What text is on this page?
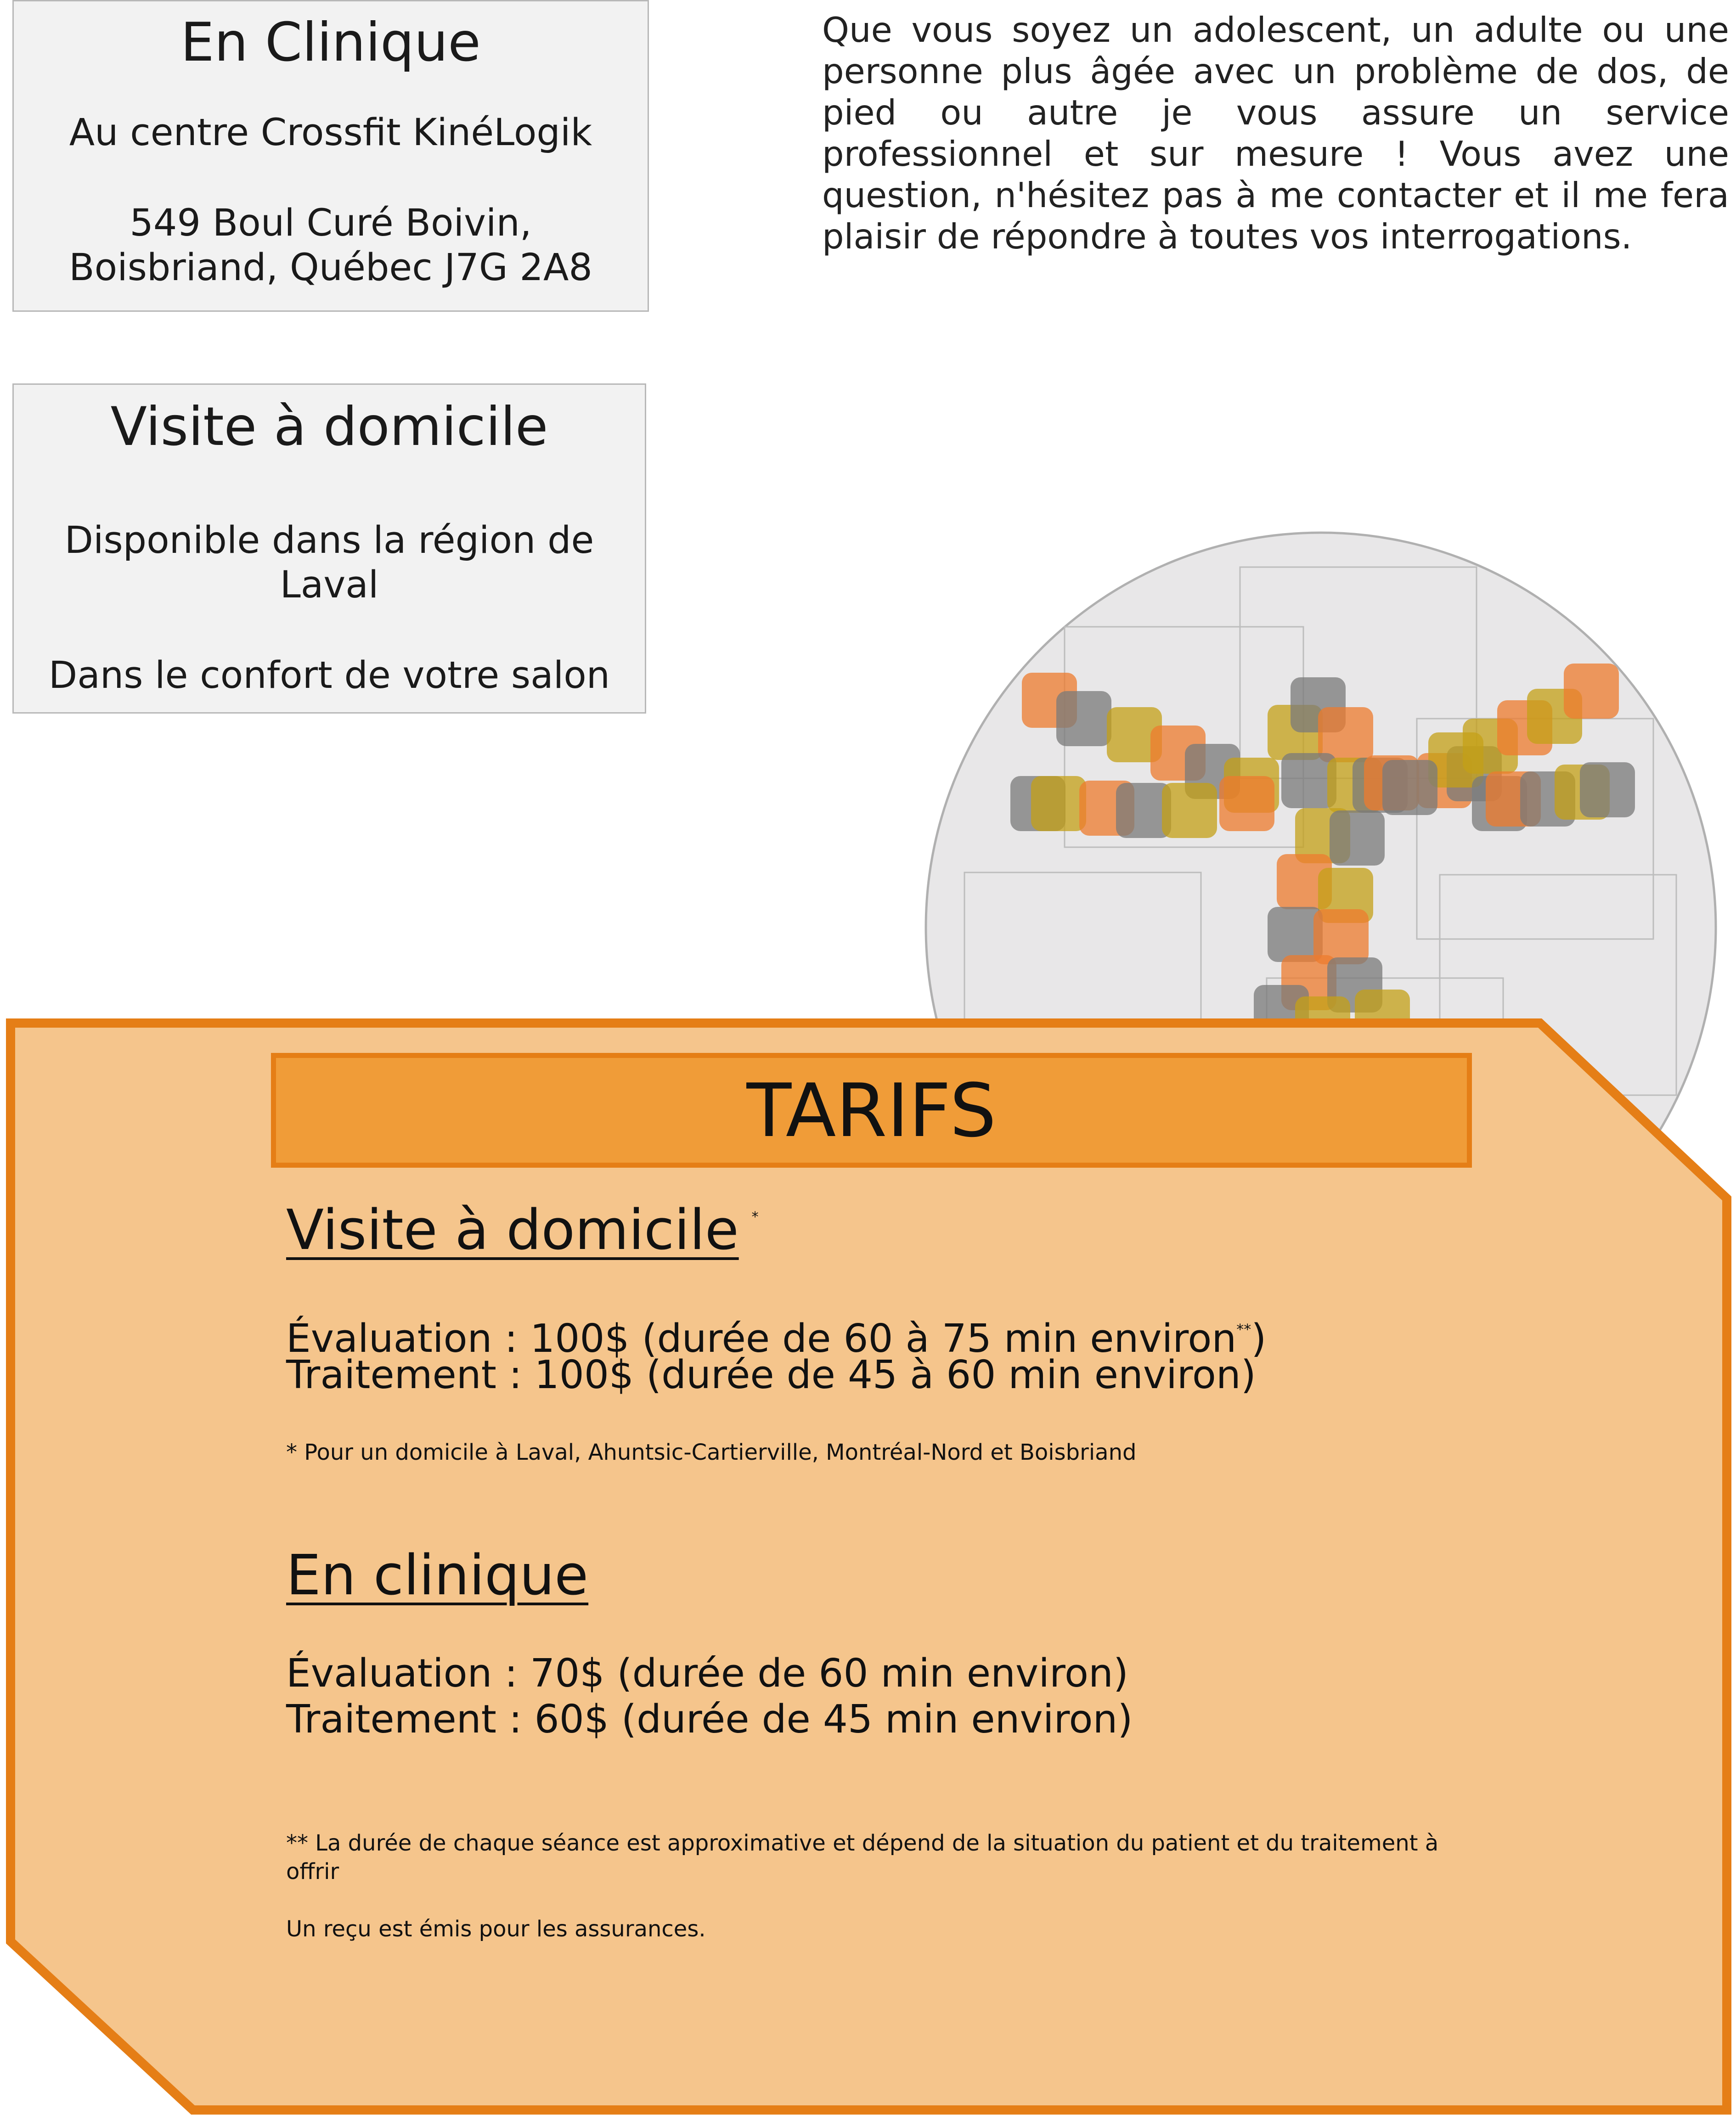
En Clinique
Au centre Crossfit KinéLogik
549 Boul Curé Boivin, Boisbriand, Québec J7G 2A8
Visite à domicile
Disponible dans la région de Laval
Dans le confort de votre salon

Que vous soyez un adolescent, un adulte ou une personne plus âgée avec un problème de dos, de pied ou autre je vous assure un service professionnel et sur mesure ! Vous avez une question, n'hésitez pas à me contacter et il me fera plaisir de répondre à toutes vos interrogations.

TARIFS
Visite à domicile *

Évaluation : 100$ (durée de 60 à 75 min environ**)

Traitement : 100$ (durée de 45 à 60 min environ)

* Pour un domicile à Laval, Ahuntsic-Cartierville, Montréal-Nord et Boisbriand

En clinique

Évaluation : 70$ (durée de 60 min environ)

Traitement : 60$ (durée de 45 min environ)

** La durée de chaque séance est approximative et dépend de la situation du patient et du traitement à offrir

Un reçu est émis pour les assurances.
